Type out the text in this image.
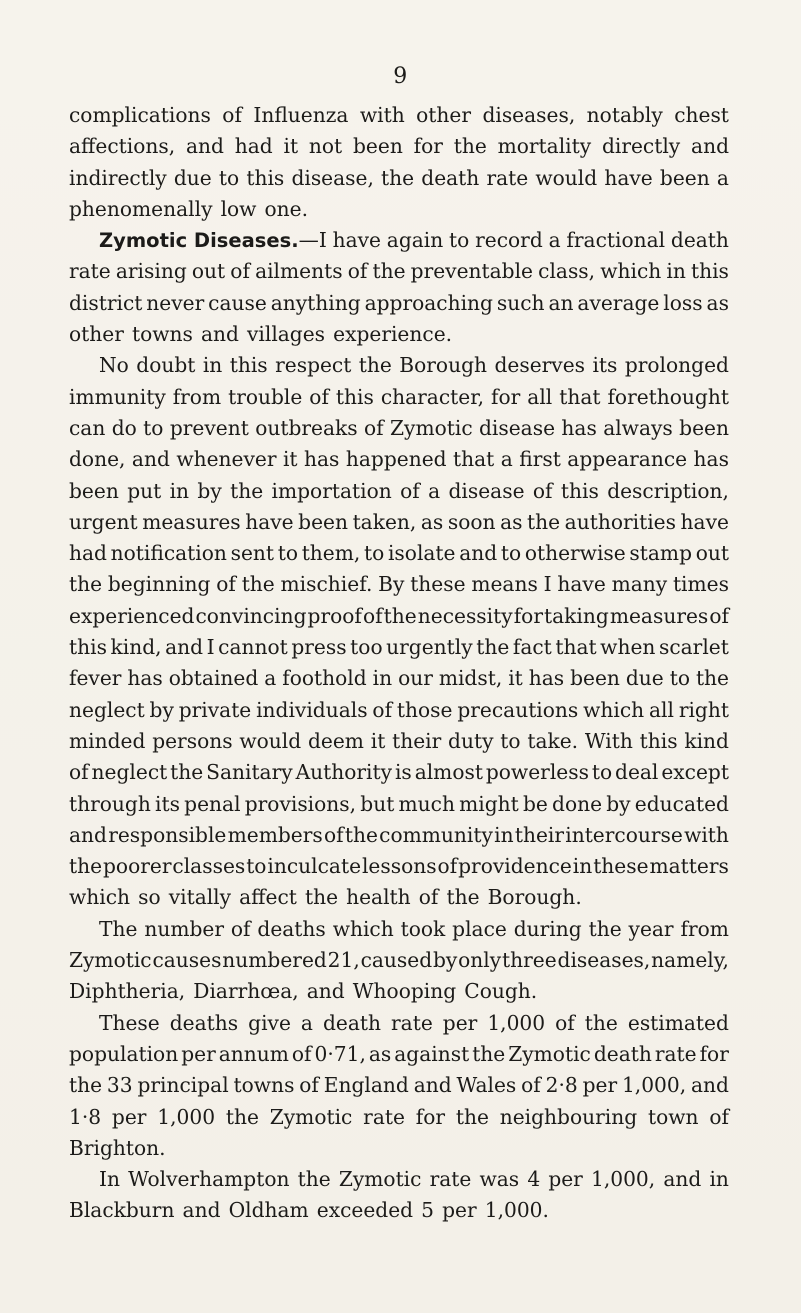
9
complications of Influenza with other diseases, notably chest
affections, and had it not been for the mortality directly and
indirectly due to this disease, the death rate would have been a
phenomenally low one.
Zymotic Diseases. —I have again to record a fractional death
rate arising out of ailments of the preventable class, which in this
district never cause anything approaching such an average loss as
other towns and villages experience.
No doubt in this respect the Borough deserves its prolonged
immunity from trouble of this character, for all that forethought
can do to prevent outbreaks of Zymotic disease has always been
done, and whenever it has happened that a first appearance has
been put in by the importation of a disease of this description,
urgent measures have been taken, as soon as the authorities have
had notification sent to them, to isolate and to otherwise stamp out
the beginning of the mischief. By these means I have many times
experienced convincing proof of the necessity for taking measures of
this kind, and I cannot press too urgently the fact that when scarlet
fever has obtained a foothold in our midst, it has been due to the
neglect by private individuals of those precautions which all right
minded persons would deem it their duty to take. With this kind
of neglect the Sanitary Authority is almost powerless to deal except
through its penal provisions, but much might be done by educated
and responsible members of the community in their intercourse with
the poorer classes to inculcate lessons of providence in these matters
which so vitally affect the health of the Borough.
The number of deaths which took place during the year from
Zymotic causes numbered 21, caused by only three diseases, namely,
Diphtheria, Diarrhœa, and Whooping Cough.
These deaths give a death rate per 1,000 of the estimated
population per annum of 0·71, as against the Zymotic death rate for
the 33 principal towns of England and Wales of 2·8 per 1,000, and
1·8 per 1,000 the Zymotic rate for the neighbouring town of
Brighton.
In Wolverhampton the Zymotic rate was 4 per 1,000, and in
Blackburn and Oldham exceeded 5 per 1,000.
